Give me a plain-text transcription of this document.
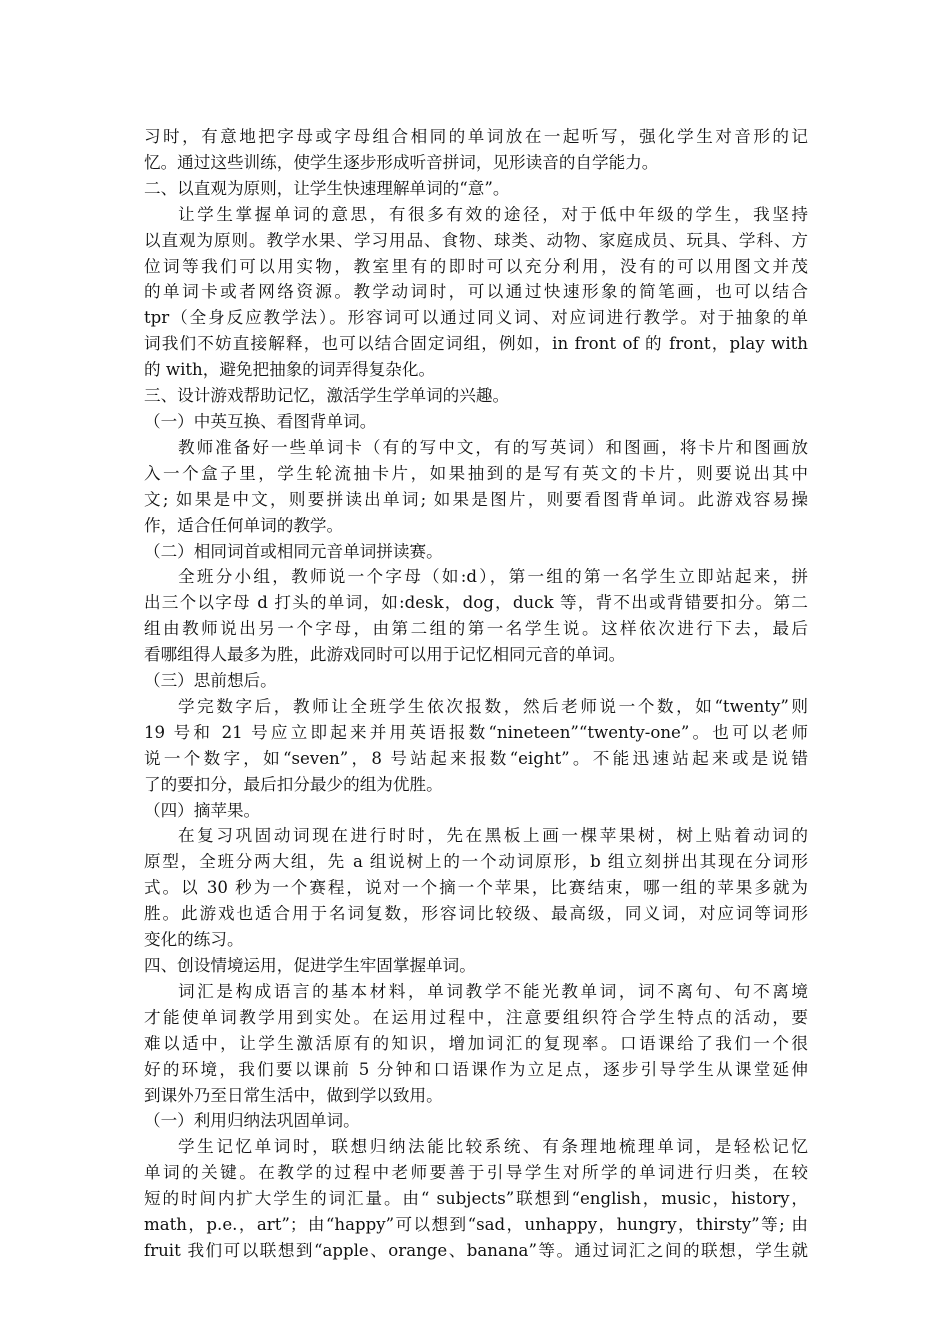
习时，有意地把字母或字母组合相同的单词放在一起听写，强化学生对音形的记
忆。通过这些训练，使学生逐步形成听音拼词，见形读音的自学能力。
二、以直观为原则，让学生快速理解单词的“意”。
让学生掌握单词的意思，有很多有效的途径，对于低中年级的学生，我坚持
以直观为原则。教学水果、学习用品、食物、球类、动物、家庭成员、玩具、学科、方
位词等我们可以用实物，教室里有的即时可以充分利用，没有的可以用图文并茂
的单词卡或者网络资源。教学动词时，可以通过快速形象的简笔画，也可以结合
tpr（全身反应教学法）。形容词可以通过同义词、对应词进行教学。对于抽象的单
词我们不妨直接解释，也可以结合固定词组，例如，in front of 的 front，play with
的 with，避免把抽象的词弄得复杂化。
三、设计游戏帮助记忆，激活学生学单词的兴趣。
（一）中英互换、看图背单词。
教师准备好一些单词卡（有的写中文，有的写英词）和图画，将卡片和图画放
入一个盒子里，学生轮流抽卡片，如果抽到的是写有英文的卡片，则要说出其中
文; 如果是中文，则要拼读出单词; 如果是图片，则要看图背单词。此游戏容易操
作，适合任何单词的教学。
（二）相同词首或相同元音单词拼读赛。
全班分小组，教师说一个字母（如:d），第一组的第一名学生立即站起来，拼
出三个以字母 d 打头的单词，如:desk，dog，duck 等，背不出或背错要扣分。第二
组由教师说出另一个字母，由第二组的第一名学生说。这样依次进行下去，最后
看哪组得人最多为胜，此游戏同时可以用于记忆相同元音的单词。
（三）思前想后。
学完数字后，教师让全班学生依次报数，然后老师说一个数，如“twenty”则
19 号和 21 号应立即起来并用英语报数“nineteen”“twenty-one”。也可以老师
说一个数字，如“seven”，8 号站起来报数“eight”。不能迅速站起来或是说错
了的要扣分，最后扣分最少的组为优胜。
（四）摘苹果。
在复习巩固动词现在进行时时，先在黑板上画一棵苹果树，树上贴着动词的
原型，全班分两大组，先 a 组说树上的一个动词原形，b 组立刻拼出其现在分词形
式。以 30 秒为一个赛程，说对一个摘一个苹果，比赛结束，哪一组的苹果多就为
胜。此游戏也适合用于名词复数，形容词比较级、最高级，同义词，对应词等词形
变化的练习。
四、创设情境运用，促进学生牢固掌握单词。
词汇是构成语言的基本材料，单词教学不能光教单词，词不离句、句不离境
才能使单词教学用到实处。在运用过程中，注意要组织符合学生特点的活动，要
难以适中，让学生激活原有的知识，增加词汇的复现率。口语课给了我们一个很
好的环境，我们要以课前 5 分钟和口语课作为立足点，逐步引导学生从课堂延伸
到课外乃至日常生活中，做到学以致用。
（一）利用归纳法巩固单词。
学生记忆单词时，联想归纳法能比较系统、有条理地梳理单词，是轻松记忆
单词的关键。在教学的过程中老师要善于引导学生对所学的单词进行归类，在较
短的时间内扩大学生的词汇量。由“ subjects”联想到“english，music，history，
math，p.e.，art”；由“happy”可以想到“sad，unhappy，hungry，thirsty”等; 由
fruit 我们可以联想到“apple、orange、banana”等。通过词汇之间的联想，学生就
